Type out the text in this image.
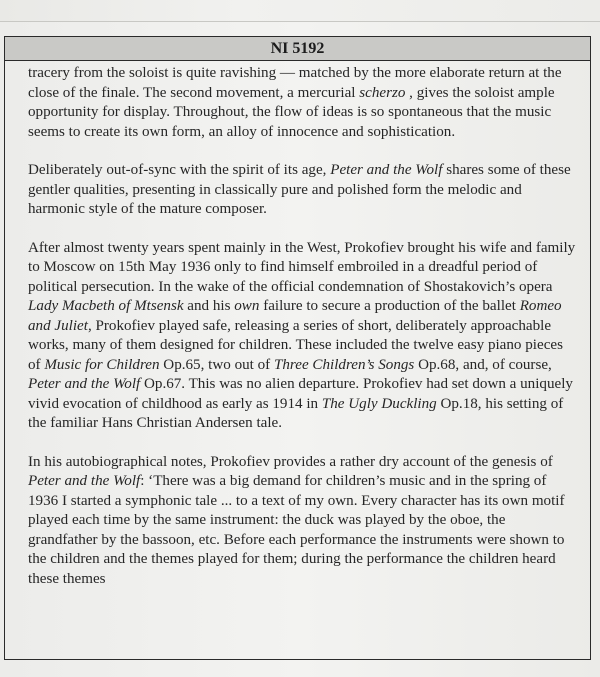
NI 5192

tracery from the soloist is quite ravishing — matched by the more elaborate return at the close of the finale. The second movement, a mercurial scherzo , gives the soloist ample opportunity for display. Throughout, the flow of ideas is so spontaneous that the music seems to create its own form, an alloy of innocence and sophistication.

Deliberately out-of-sync with the spirit of its age, Peter and the Wolf shares some of these gentler qualities, presenting in classically pure and polished form the melodic and harmonic style of the mature composer.

After almost twenty years spent mainly in the West, Prokofiev brought his wife and family to Moscow on 15th May 1936 only to find himself embroiled in a dreadful period of political persecution. In the wake of the official condemnation of Shostakovich’s opera Lady Macbeth of Mtsensk and his own failure to secure a production of the ballet Romeo and Juliet, Prokofiev played safe, releasing a series of short, deliberately approachable works, many of them designed for children. These included the twelve easy piano pieces of Music for Children Op.65, two out of Three Children’s Songs Op.68, and, of course, Peter and the Wolf Op.67. This was no alien departure. Prokofiev had set down a uniquely vivid evocation of childhood as early as 1914 in The Ugly Duckling Op.18, his setting of the familiar Hans Christian Andersen tale.

In his autobiographical notes, Prokofiev provides a rather dry account of the genesis of Peter and the Wolf: ‘There was a big demand for children’s music and in the spring of 1936 I started a symphonic tale ... to a text of my own. Every character has its own motif played each time by the same instrument: the duck was played by the oboe, the grandfather by the bassoon, etc. Before each performance the instruments were shown to the children and the themes played for them; during the performance the children heard these themes
